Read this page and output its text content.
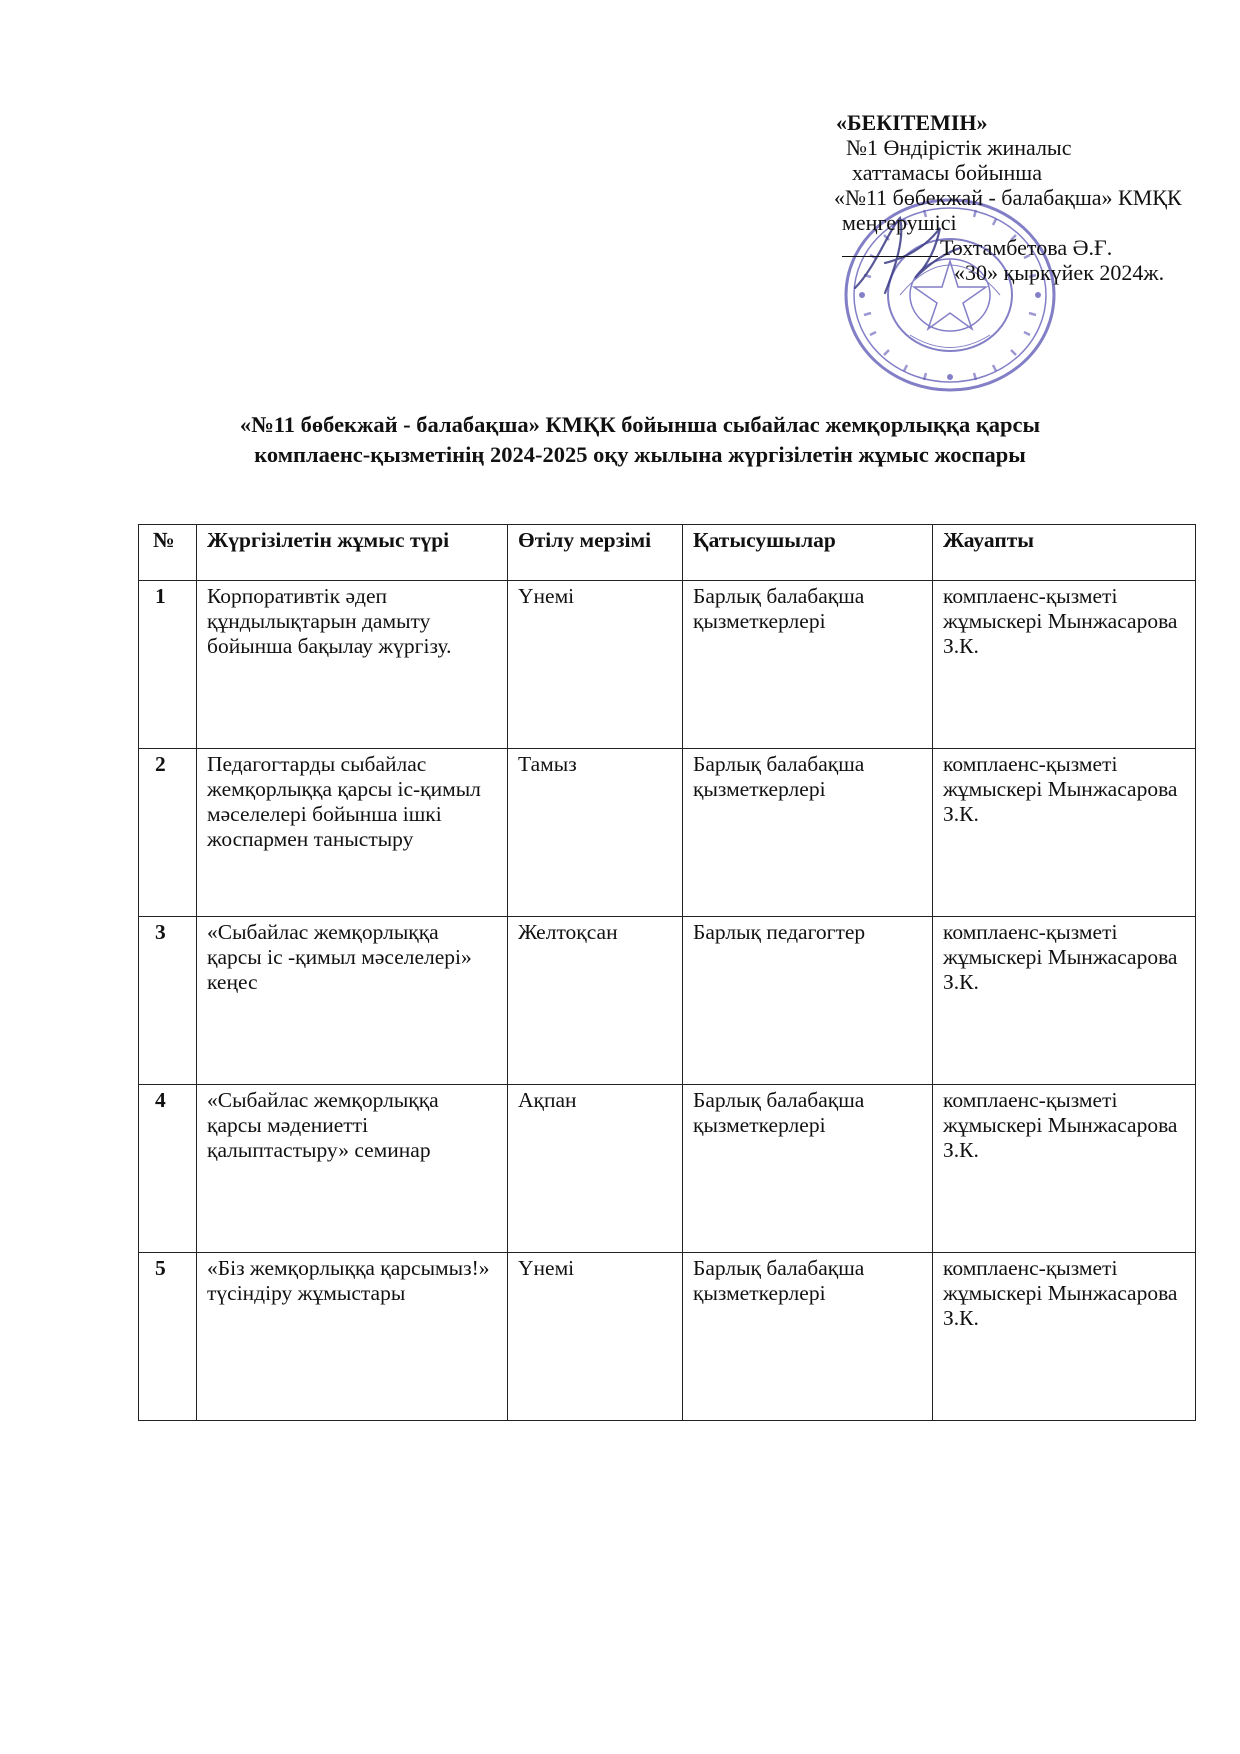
«БЕКІТЕМІН»
№1 Өндірістік жиналыс
хаттамасы бойынша
«№11 бөбекжай - балабақша» КМҚК
меңгерушісі
Тохтамбетова Ә.Ғ.
«30» қыркүйек 2024ж.
«№11 бөбекжай - балабақша» КМҚК бойынша сыбайлас жемқорлыққа қарсы
комплаенс-қызметінің 2024-2025 оқу жылына жүргізілетін жұмыс жоспары
№	Жүргізілетін жұмыс түрі	Өтілу мерзімі	Қатысушылар	Жауапты
1	Корпоративтік әдеп құндылықтарын дамыту бойынша бақылау жүргізу.	Үнемі	Барлық балабақша қызметкерлері	комплаенс-қызметі жұмыскері Мынжасарова З.К.
2	Педагогтарды сыбайлас жемқорлыққа қарсы іс-қимыл мәселелері бойынша ішкі жоспармен таныстыру	Тамыз	Барлық балабақша қызметкерлері	комплаенс-қызметі жұмыскері Мынжасарова З.К.
3	«Сыбайлас жемқорлыққа қарсы іс -қимыл мәселелері» кеңес	Желтоқсан	Барлық педагогтер	комплаенс-қызметі жұмыскері Мынжасарова З.К.
4	«Сыбайлас жемқорлыққа қарсы мәдениетті қалыптастыру» семинар	Ақпан	Барлық балабақша қызметкерлері	комплаенс-қызметі жұмыскері Мынжасарова З.К.
5	«Біз жемқорлыққа қарсымыз!» түсіндіру жұмыстары	Үнемі	Барлық балабақша қызметкерлері	комплаенс-қызметі жұмыскері Мынжасарова З.К.
